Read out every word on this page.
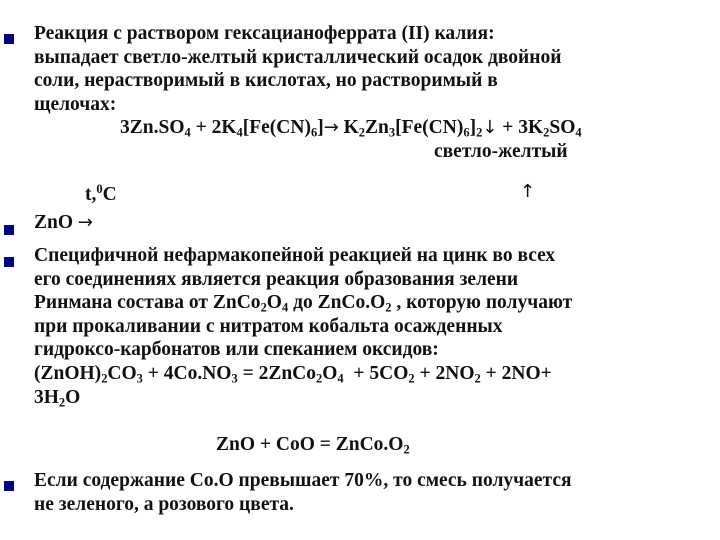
Реакция с раствором гексацианоферрата (II) калия:
выпадает светло-желтый кристаллический осадок двойной
соли, нерастворимый в кислотах, но растворимый в
щелочах:
$3Zn.SO_4 + 2K_4[Fe(CN)_6]\to$ $K_2Zn_3[Fe(CN)_6]_2↓ + 3K_2SO_4$
светло-желтый
t,$^0$C	↑
ZnO →
Специфичной нефармакопейной реакцией на цинк во всех
его соединениях является реакция образования зелени
Ринмана состава от $ZnCo_2O_4$ до $ZnCo.O_2$ , которую получают
при прокаливании с нитратом кобальта осажденных
гидроксо-карбонатов или спеканием оксидов:
$(ZnOH)_2CO_3 + 4Co.NO_3$ = $2ZnCo_2O_4 + 5CO_2 + 2NO_2 + 2NO+$
$3H_2O$
ZnO + CoO = $ZnCo.O_2$
Если содержание Co.O превышает 70%, то смесь получается
не зеленого, а розового цвета.
